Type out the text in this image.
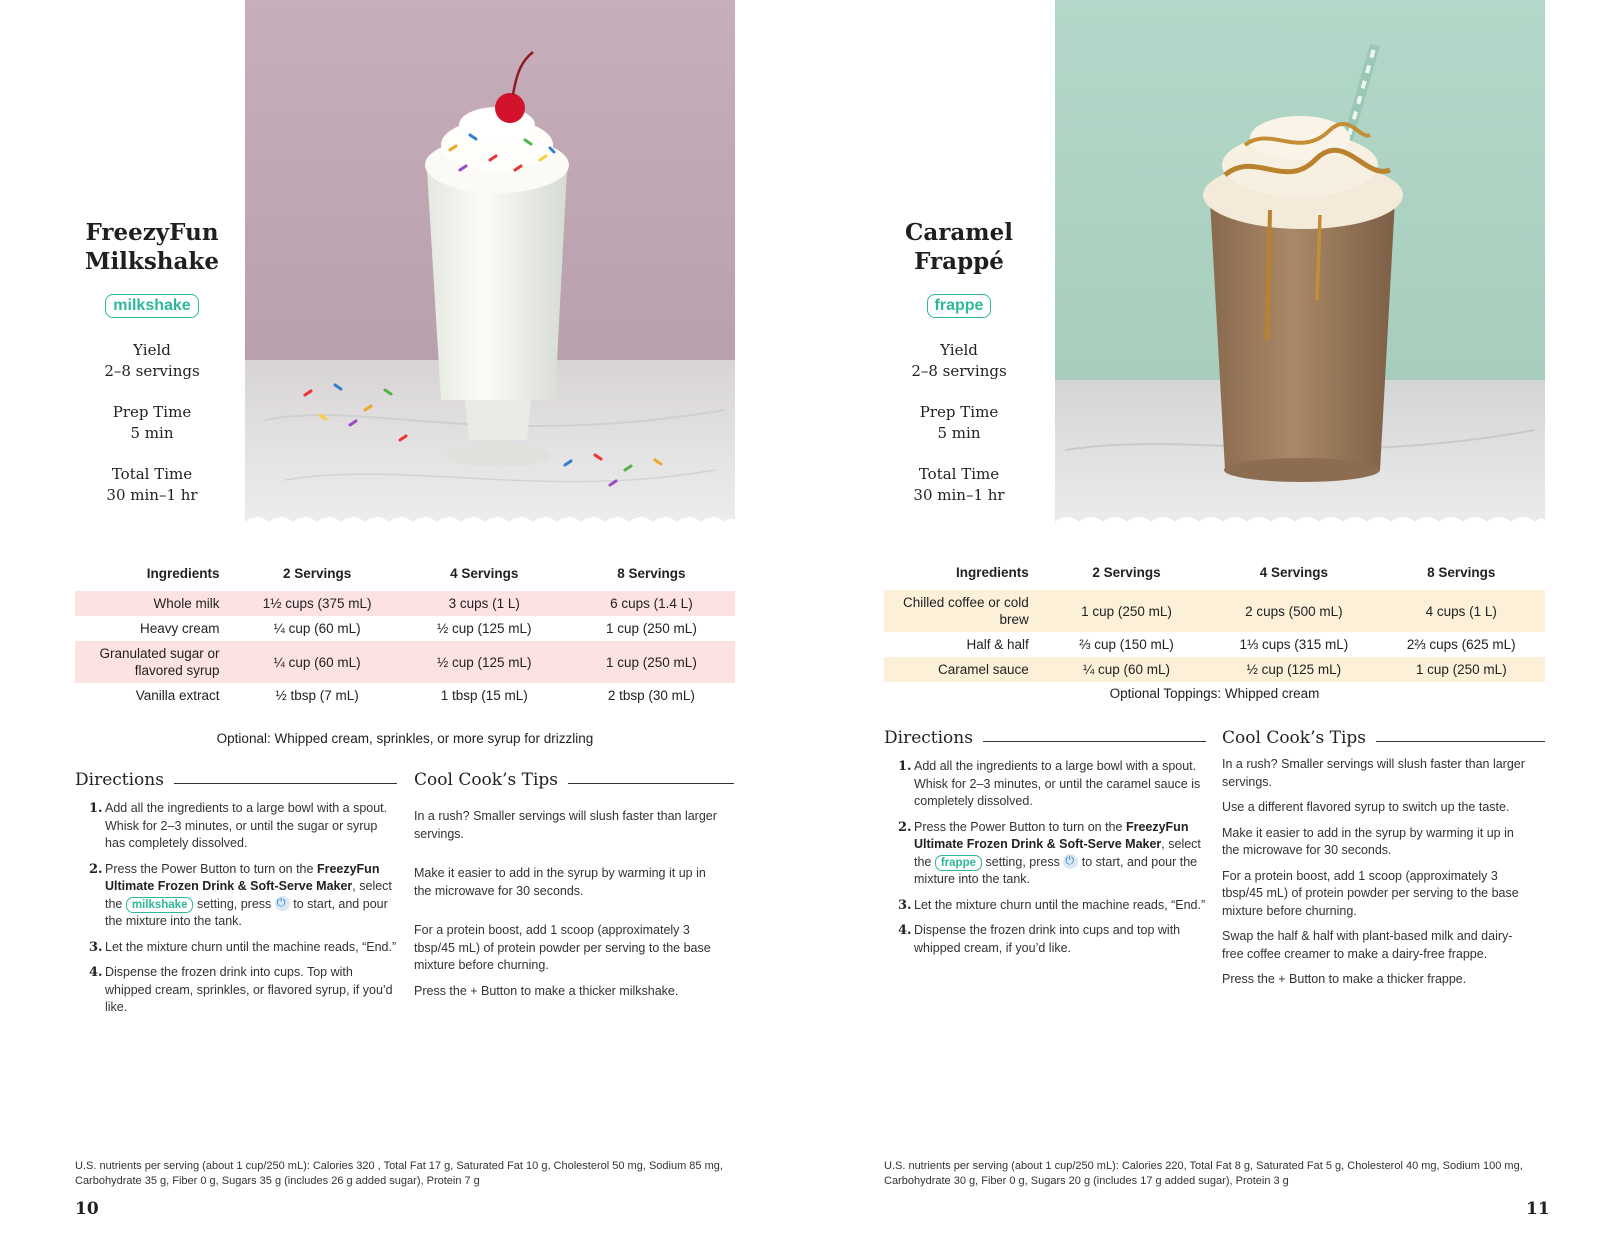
FreezyFun
Milkshake
milkshake
Yield
2–8 servings
Prep Time
5 min
Total Time
30 min–1 hr
Ingredients	2 Servings	4 Servings	8 Servings
Whole milk	1½ cups (375 mL)	3 cups (1 L)	6 cups (1.4 L)
Heavy cream	¼ cup (60 mL)	½ cup (125 mL)	1 cup (250 mL)
Granulated sugar or
flavored syrup	¼ cup (60 mL)	½ cup (125 mL)	1 cup (250 mL)
Vanilla extract	½ tbsp (7 mL)	1 tbsp (15 mL)	2 tbsp (30 mL)
Optional: Whipped cream, sprinkles, or more syrup for drizzling
Directions
1. Add all the ingredients to a large bowl with a spout. Whisk for 2–3 minutes, or until the sugar or syrup has completely dissolved.
2. Press the Power Button to turn on the FreezyFun Ultimate Frozen Drink & Soft-Serve Maker, select the milkshake setting, press ⏻ to start, and pour the mixture into the tank.
3. Let the mixture churn until the machine reads, “End.”
4. Dispense the frozen drink into cups. Top with whipped cream, sprinkles, or flavored syrup, if you’d like.
Cool Cook’s Tips

In a rush? Smaller servings will slush faster than larger servings.

Make it easier to add in the syrup by warming it up in the microwave for 30 seconds.

For a protein boost, add 1 scoop (approximately 3 tbsp/45 mL) of protein powder per serving to the base mixture before churning.

Press the + Button to make a thicker milkshake.

U.S. nutrients per serving (about 1 cup/250 mL): Calories 320 , Total Fat 17 g, Saturated Fat 10 g, Cholesterol 50 mg, Sodium 85 mg, Carbohydrate 35 g, Fiber 0 g, Sugars 35 g (includes 26 g added sugar), Protein 7 g
10
Caramel
Frappé
frappe
Yield
2–8 servings
Prep Time
5 min
Total Time
30 min–1 hr
Ingredients	2 Servings	4 Servings	8 Servings
Chilled coffee or cold brew	1 cup (250 mL)	2 cups (500 mL)	4 cups (1 L)
Half & half	⅔ cup (150 mL)	1⅓ cups (315 mL)	2⅔ cups (625 mL)
Caramel sauce	¼ cup (60 mL)	½ cup (125 mL)	1 cup (250 mL)
Optional Toppings: Whipped cream
Directions
1. Add all the ingredients to a large bowl with a spout. Whisk for 2–3 minutes, or until the caramel sauce is completely dissolved.
2. Press the Power Button to turn on the FreezyFun Ultimate Frozen Drink & Soft-Serve Maker, select the frappe setting, press ⏻ to start, and pour the mixture into the tank.
3. Let the mixture churn until the machine reads, “End.”
4. Dispense the frozen drink into cups and top with whipped cream, if you’d like.
Cool Cook’s Tips

In a rush? Smaller servings will slush faster than larger servings.

Use a different flavored syrup to switch up the taste.

Make it easier to add in the syrup by warming it up in the microwave for 30 seconds.

For a protein boost, add 1 scoop (approximately 3 tbsp/45 mL) of protein powder per serving to the base mixture before churning.

Swap the half & half with plant-based milk and dairy-free coffee creamer to make a dairy-free frappe.

Press the + Button to make a thicker frappe.

U.S. nutrients per serving (about 1 cup/250 mL): Calories 220, Total Fat 8 g, Saturated Fat 5 g, Cholesterol 40 mg, Sodium 100 mg, Carbohydrate 30 g, Fiber 0 g, Sugars 20 g (includes 17 g added sugar), Protein 3 g
11
